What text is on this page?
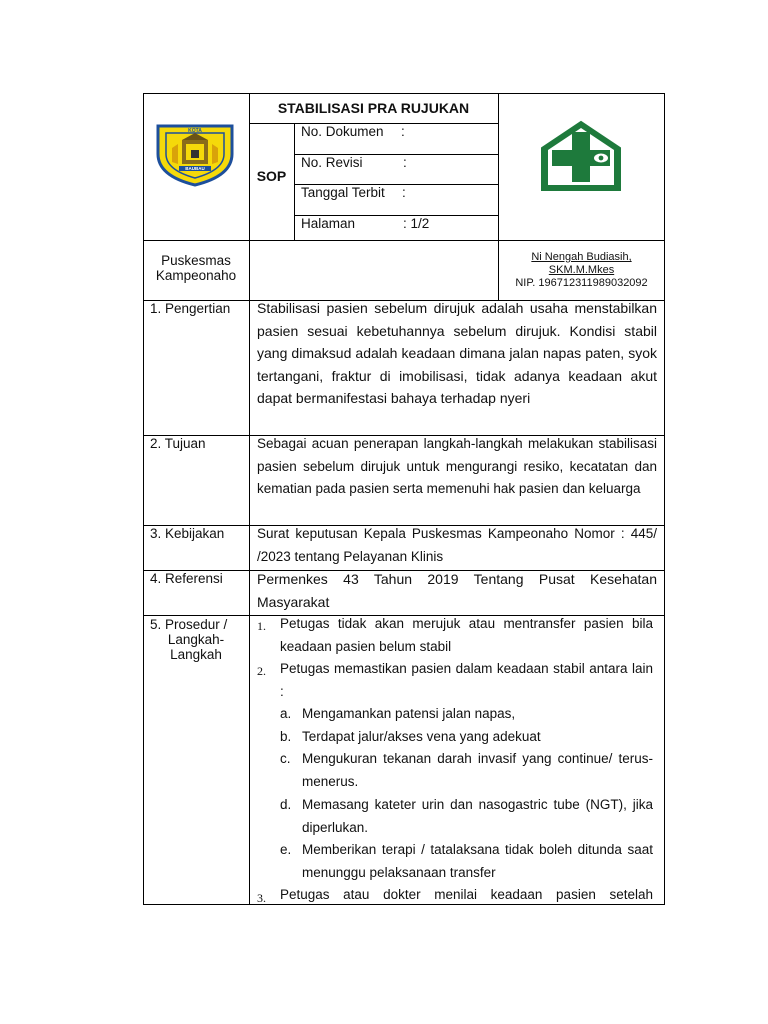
KOTA
BAUBAU
STABILISASI PRA RUJUKAN
SOP
No. Dokumen :
No. Revisi	:
Tanggal Terbit :
Halaman	: 1/2
Puskesmas
Kampeonaho
Ni Nengah Budiasih,
SKM.M.Mkes
NIP. 196712311989032092
1. Pengertian Stabilisasi pasien sebelum dirujuk adalah usaha menstabilkan pasien sesuai kebetuhannya sebelum dirujuk. Kondisi stabil yang dimaksud adalah keadaan dimana jalan napas paten, syok tertangani, fraktur di imobilisasi, tidak adanya keadaan akut dapat bermanifestasi bahaya terhadap nyeri
2. Tujuan	Sebagai acuan penerapan langkah-langkah melakukan stabilisasi pasien sebelum dirujuk untuk mengurangi resiko, kecatatan dan kematian pada pasien serta memenuhi hak pasien dan keluarga
3. Kebijakan Surat keputusan Kepala Puskesmas Kampeonaho Nomor : 445/ /2023 tentang Pelayanan Klinis
4. Referensi Permenkes 43 Tahun 2019 Tentang Pusat Kesehatan Masyarakat
5. Prosedur /
Langkah-
Langkah
1. Petugas tidak akan merujuk atau mentransfer pasien bila keadaan pasien belum stabil
2. Petugas memastikan pasien dalam keadaan stabil antara lain :
a. Mengamankan patensi jalan napas,
b. Terdapat jalur/akses vena yang adekuat
c. Mengukuran tekanan darah invasif yang continue/ terus- menerus.
d. Memasang kateter urin dan nasogastric tube (NGT), jika diperlukan.
e. Memberikan terapi / tatalaksana tidak boleh ditunda saat menunggu pelaksanaan transfer
3. Petugas atau dokter menilai keadaan pasien setelah
